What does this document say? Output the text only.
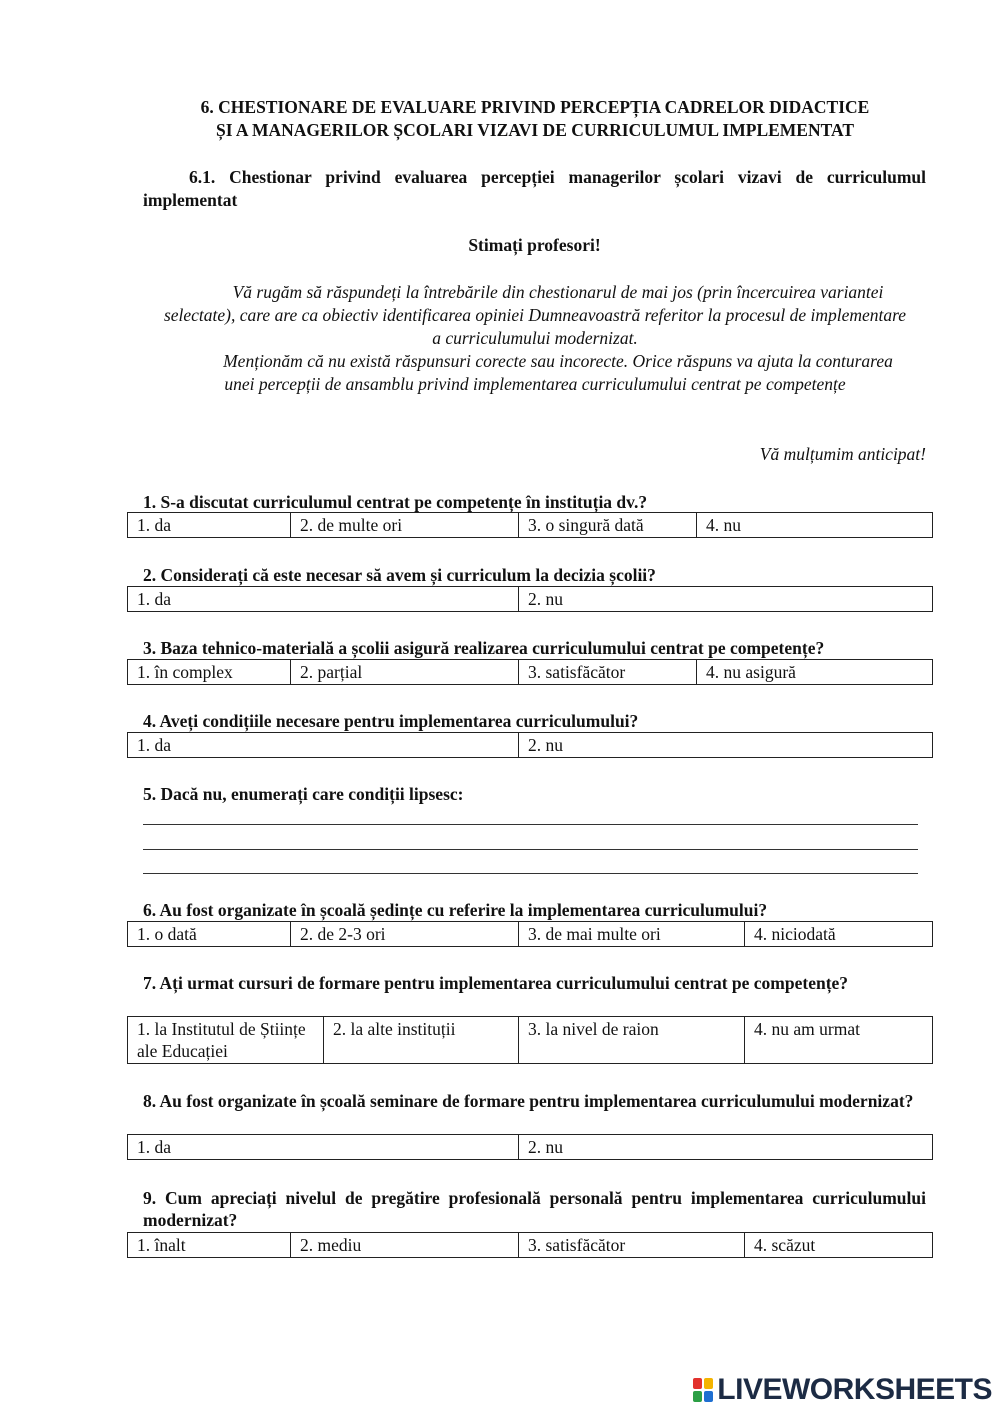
6. CHESTIONARE DE EVALUARE PRIVIND PERCEPȚIA CADRELOR DIDACTICE
ȘI A MANAGERILOR ȘCOLARI VIZAVI DE CURRICULUMUL IMPLEMENTAT
6.1. Chestionar privind evaluarea percepției managerilor școlari vizavi de curriculumul implementat
Stimați profesori!
Vă rugăm să răspundeți la întrebările din chestionarul de mai jos (prin încercuirea variantei selectate), care are ca obiectiv identificarea opiniei Dumneavoastră referitor la procesul de implementare a curriculumului modernizat.
Menționăm că nu există răspunsuri corecte sau incorecte. Orice răspuns va ajuta la conturarea unei percepții de ansamblu privind implementarea curriculumului centrat pe competențe
Vă mulțumim anticipat!
1. S-a discutat curriculumul centrat pe competențe în instituția dv.?
1. da	2. de multe ori	3. o singură dată	4. nu
2. Considerați că este necesar să avem și curriculum la decizia școlii?
1. da	2. nu
3. Baza tehnico-materială a școlii asigură realizarea curriculumului centrat pe competențe?
1. în complex	2. parțial	3. satisfăcător	4. nu asigură
4. Aveți condițiile necesare pentru implementarea curriculumului?
1. da	2. nu
5. Dacă nu, enumerați care condiții lipsesc:
6. Au fost organizate în școală ședințe cu referire la implementarea curriculumului?
1. o dată	2. de 2-3 ori	3. de mai multe ori	4. niciodată
7. Ați urmat cursuri de formare pentru implementarea curriculumului centrat pe competențe?
1. la Institutul de Științe ale Educației	2. la alte instituții	3. la nivel de raion	4. nu am urmat
8. Au fost organizate în școală seminare de formare pentru implementarea curriculumului modernizat?
1. da	2. nu
9. Cum apreciați nivelul de pregătire profesională personală pentru implementarea curriculumului modernizat?
1. înalt	2. mediu	3. satisfăcător	4. scăzut
LIVEWORKSHEETS
